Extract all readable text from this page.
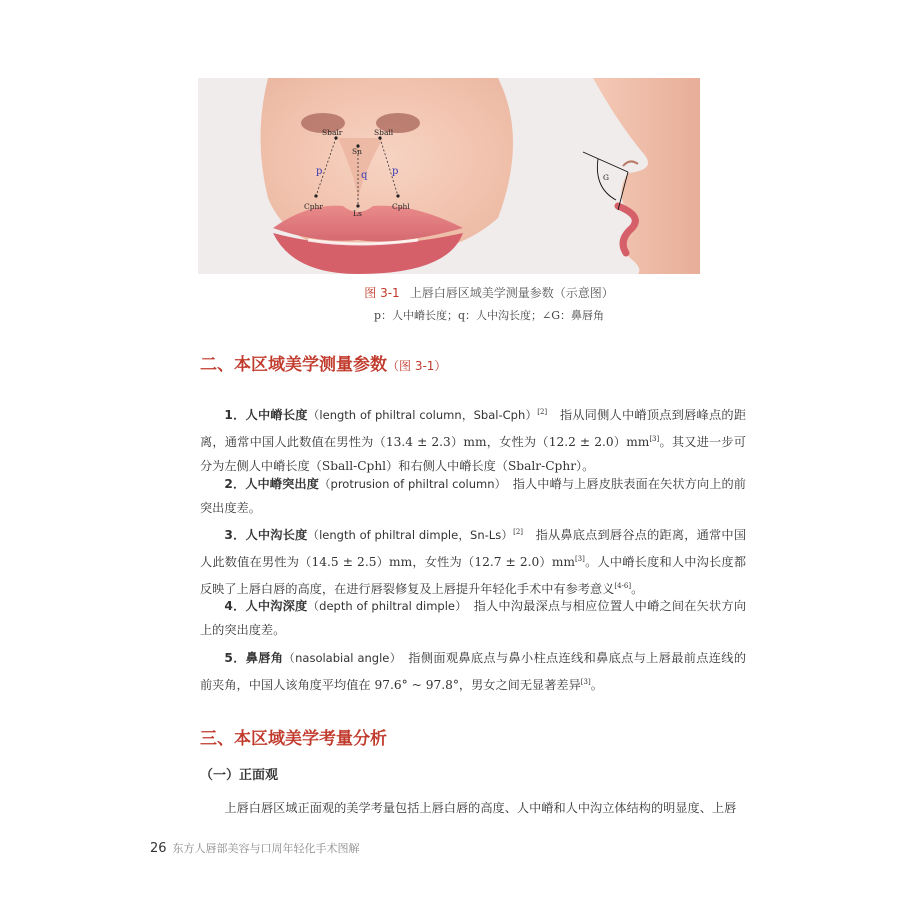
Sbalr
Sn
Sball
p	q p
Cphr
Ls
Cphl
G
图 3-1 上唇白唇区域美学测量参数（示意图）
p：人中嵴长度；q：人中沟长度；∠G：鼻唇角
二、本区域美学测量参数（图 3-1）

1．人中嵴长度（length of philtral column，Sbal-Cph）[2]　指从同侧人中嵴顶点到唇峰点的距离，通常中国人此数值在男性为（13.4 ± 2.3）mm，女性为（12.2 ± 2.0）mm[3]。其又进一步可分为左侧人中嵴长度（Sball-Cphl）和右侧人中嵴长度（Sbalr-Cphr）。

2．人中嵴突出度（protrusion of philtral column）　指人中嵴与上唇皮肤表面在矢状方向上的前突出度差。

3．人中沟长度（length of philtral dimple，Sn-Ls）[2]　指从鼻底点到唇谷点的距离，通常中国人此数值在男性为（14.5 ± 2.5）mm，女性为（12.7 ± 2.0）mm[3]。人中嵴长度和人中沟长度都反映了上唇白唇的高度，在进行唇裂修复及上唇提升年轻化手术中有参考意义[4-6]。

4．人中沟深度（depth of philtral dimple）　指人中沟最深点与相应位置人中嵴之间在矢状方向上的突出度差。

5．鼻唇角（nasolabial angle）　指侧面观鼻底点与鼻小柱点连线和鼻底点与上唇最前点连线的前夹角，中国人该角度平均值在 97.6° ~ 97.8°，男女之间无显著差异[3]。

三、本区域美学考量分析
（一）正面观

上唇白唇区域正面观的美学考量包括上唇白唇的高度、人中嵴和人中沟立体结构的明显度、上唇

26 东方人唇部美容与口周年轻化手术图解
